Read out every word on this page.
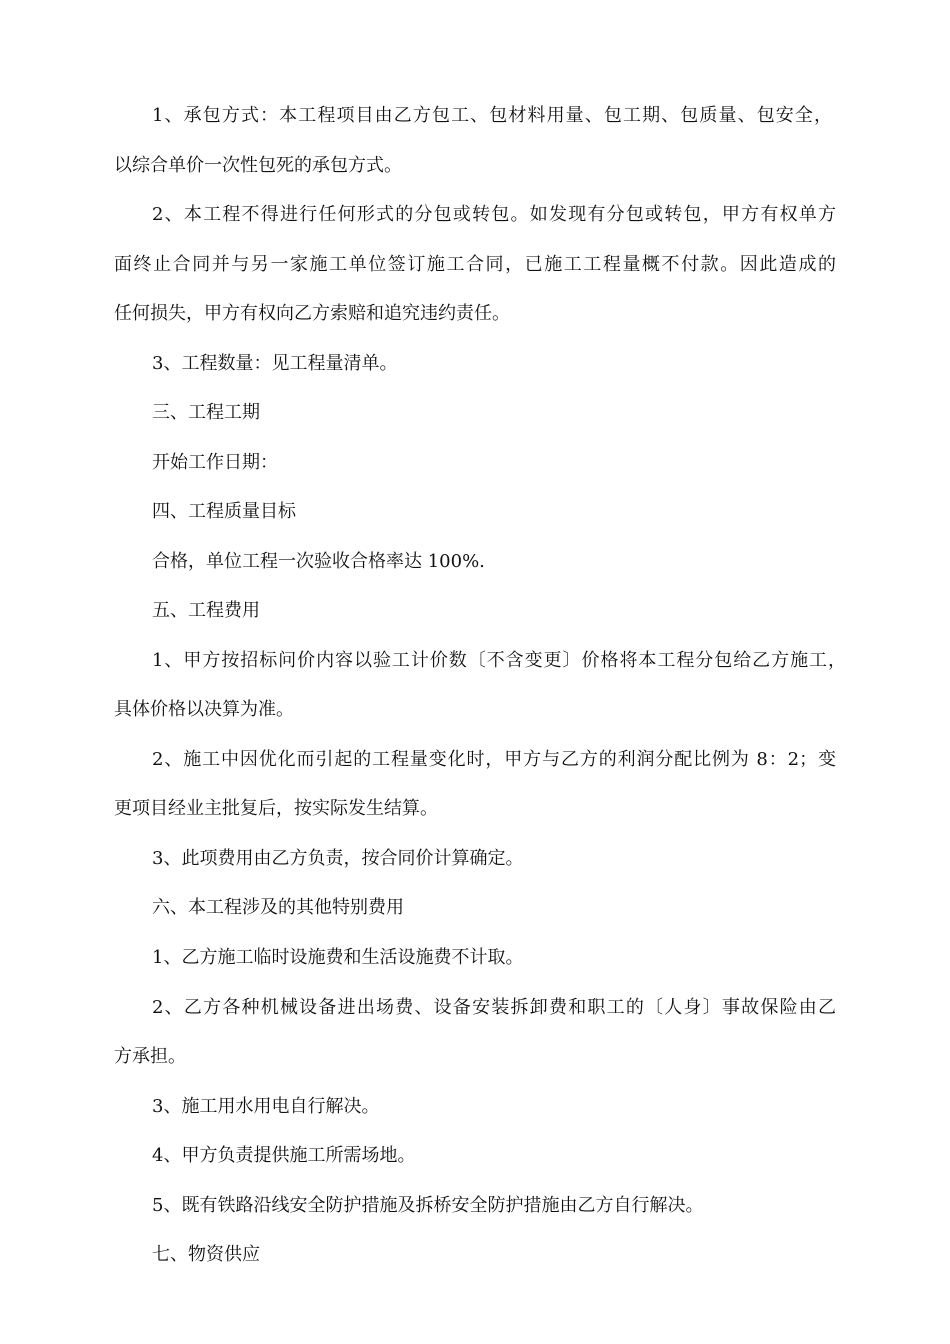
1、承包方式：本工程项目由乙方包工、包材料用量、包工期、包质量、包安全，
以综合单价一次性包死的承包方式。
2、本工程不得进行任何形式的分包或转包。如发现有分包或转包，甲方有权单方
面终止合同并与另一家施工单位签订施工合同，已施工工程量概不付款。因此造成的
任何损失，甲方有权向乙方索赔和追究违约责任。
3、工程数量：见工程量清单。
三、工程工期
开始工作日期：
四、工程质量目标
合格，单位工程一次验收合格率达 100%.
五、工程费用
1、甲方按招标问价内容以验工计价数〔不含变更〕价格将本工程分包给乙方施工，
具体价格以决算为准。
2、施工中因优化而引起的工程量变化时，甲方与乙方的利润分配比例为 8：2；变
更项目经业主批复后，按实际发生结算。
3、此项费用由乙方负责，按合同价计算确定。
六、本工程涉及的其他特别费用
1、乙方施工临时设施费和生活设施费不计取。
2、乙方各种机械设备进出场费、设备安装拆卸费和职工的〔人身〕事故保险由乙
方承担。
3、施工用水用电自行解决。
4、甲方负责提供施工所需场地。
5、既有铁路沿线安全防护措施及拆桥安全防护措施由乙方自行解决。
七、物资供应
